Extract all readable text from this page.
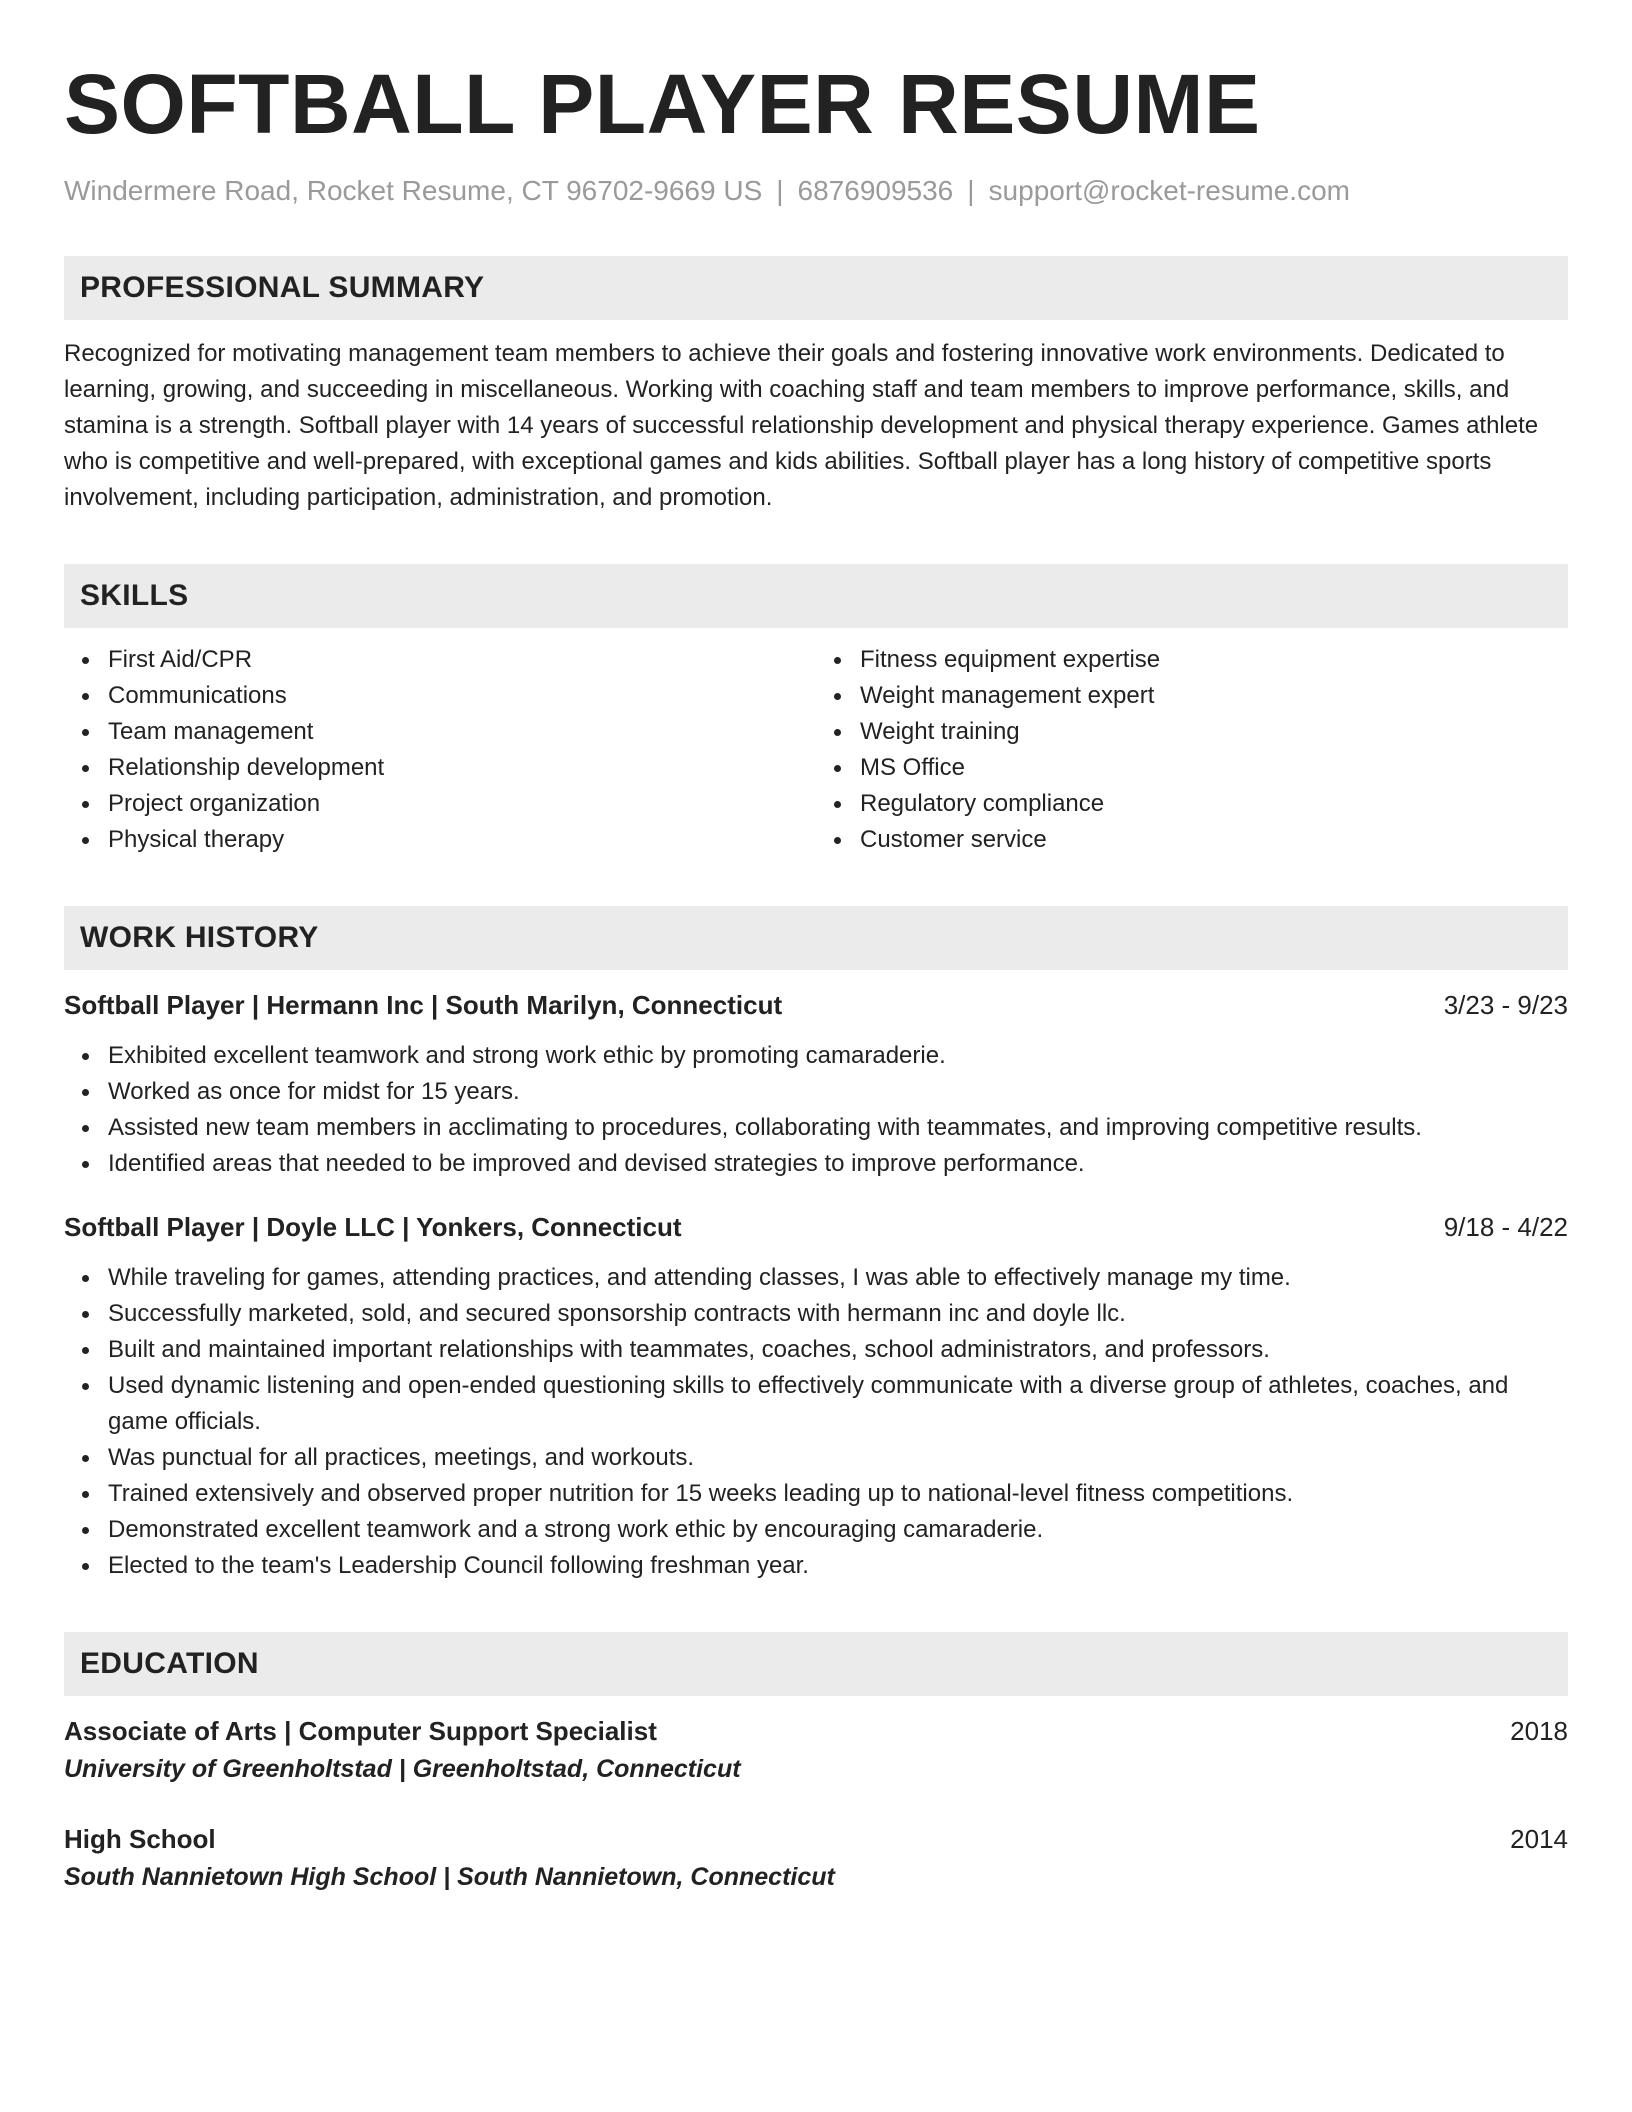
SOFTBALL PLAYER RESUME
Windermere Road, Rocket Resume, CT 96702-9669 US | 6876909536 | support@rocket-resume.com
PROFESSIONAL SUMMARY
Recognized for motivating management team members to achieve their goals and fostering innovative work environments. Dedicated to learning, growing, and succeeding in miscellaneous. Working with coaching staff and team members to improve performance, skills, and stamina is a strength. Softball player with 14 years of successful relationship development and physical therapy experience. Games athlete who is competitive and well-prepared, with exceptional games and kids abilities. Softball player has a long history of competitive sports involvement, including participation, administration, and promotion.
SKILLS
First Aid/CPR
Communications
Team management
Relationship development
Project organization
Physical therapy
Fitness equipment expertise
Weight management expert
Weight training
MS Office
Regulatory compliance
Customer service
WORK HISTORY
Softball Player | Hermann Inc | South Marilyn, Connecticut	3/23 - 9/23
Exhibited excellent teamwork and strong work ethic by promoting camaraderie.
Worked as once for midst for 15 years.
Assisted new team members in acclimating to procedures, collaborating with teammates, and improving competitive results.
Identified areas that needed to be improved and devised strategies to improve performance.
Softball Player | Doyle LLC | Yonkers, Connecticut	9/18 - 4/22
While traveling for games, attending practices, and attending classes, I was able to effectively manage my time.
Successfully marketed, sold, and secured sponsorship contracts with hermann inc and doyle llc.
Built and maintained important relationships with teammates, coaches, school administrators, and professors.
Used dynamic listening and open-ended questioning skills to effectively communicate with a diverse group of athletes, coaches, and game officials.
Was punctual for all practices, meetings, and workouts.
Trained extensively and observed proper nutrition for 15 weeks leading up to national-level fitness competitions.
Demonstrated excellent teamwork and a strong work ethic by encouraging camaraderie.
Elected to the team's Leadership Council following freshman year.
EDUCATION
Associate of Arts | Computer Support Specialist	2018
University of Greenholtstad | Greenholtstad, Connecticut
High School	2014
South Nannietown High School | South Nannietown, Connecticut
